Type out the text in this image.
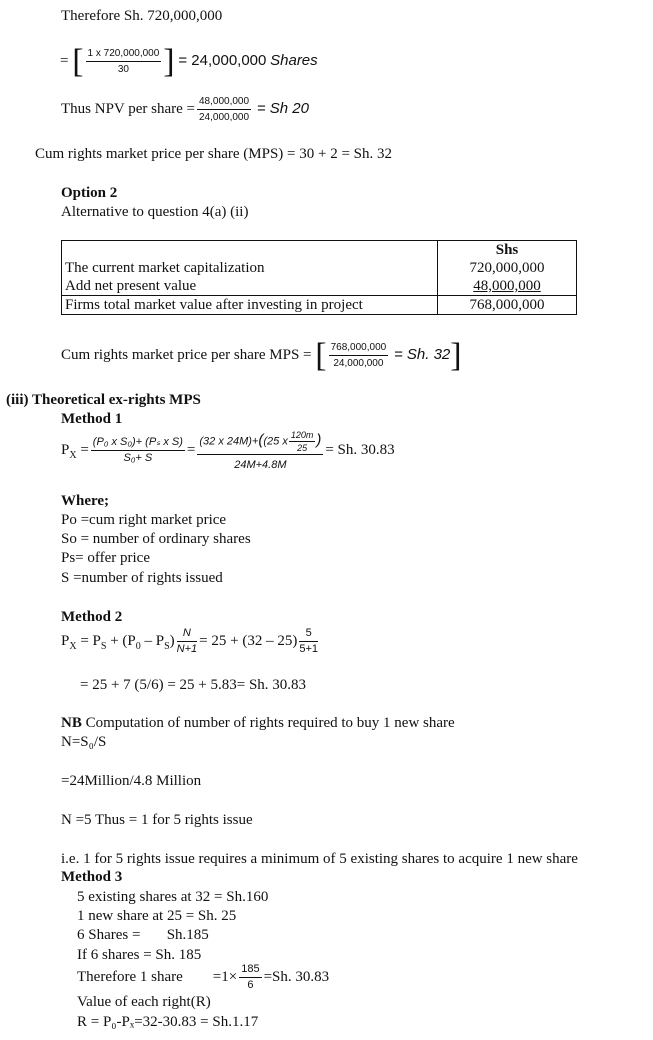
Therefore Sh. 720,000,000
= [ $\frac{1 x 720,000,000}{30}$ ] = 24,000,000 Shares
Thus NPV per share = $\frac{48,000,000}{24,000,000} = Sh$ 20
Cum rights market price per share (MPS) = 30 + 2 = Sh. 32
Option 2
Alternative to question 4(a) (ii)
	Shs
The current market capitalization	720,000,000
Add net present value	48,000,000
Firms total market value after investing in project	768,000,000
Cum rights market price per share MPS = [ $\frac{768,000,000}{24,000,000} = Sh$. 32]
(iii) Theoretical ex-rights MPS
Method 1
$P_X = \frac{\text{(P₀ x S₀)+ (Pₛ x S)}}{\text{S₀+ S}} = \frac{(32 x 24M)+((25 x \frac{120m}{25} )}{24M+4.8M} = Sh$. 30.83
Where;
Po =cum right market price
So = number of ordinary shares
Ps= offer price
S =number of rights issued
Method 2
$P_X = P_S + (P_0 - P_S) \frac{N}{N+1} = 25 + (32 - 25) \frac{5}{5+1}$
= 25 + 7 (5/6) = 25 + 5.83= Sh. 30.83
NB Computation of number of rights required to buy 1 new share
N=S₀/S
=24Million/4.8 Million
N =5 Thus = 1 for 5 rights issue
i.e. 1 for 5 rights issue requires a minimum of 5 existing shares to acquire 1 new share
Method 3
5 existing shares at 32 = Sh.160
1 new share at 25 = Sh. 25
6 Shares =       Sh.185
If 6 shares = Sh. 185
Therefore 1 share $=1\times \frac{185}{6} =Sh$. 30.83
Value of each right(R)
R = P₀-Pₓ=32-30.83 = Sh.1.17
